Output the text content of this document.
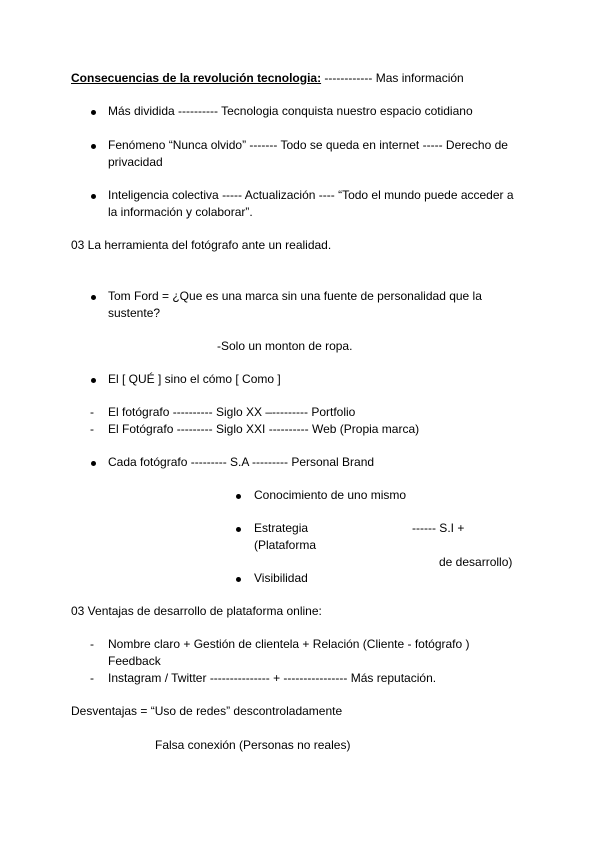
Consecuencias de la revolución tecnologia: ------------ Mas información
Más dividida ---------- Tecnologia conquista nuestro espacio cotidiano
Fenómeno “Nunca olvido” ------- Todo se queda en internet ----- Derecho de
privacidad
Inteligencia colectiva ----- Actualización ---- “Todo el mundo puede acceder a
la información y colaborar”.
03 La herramienta del fotógrafo ante un realidad.
Tom Ford = ¿Que es una marca sin una fuente de personalidad que la
sustente?
-Solo un monton de ropa.
El [ QUÉ ] sino el cómo [ Como ]
- El fotógrafo ---------- Siglo XX –--------- Portfolio
- El Fotógrafo --------- Siglo XXI ---------- Web (Propia marca)
Cada fotógrafo --------- S.A --------- Personal Brand
Conocimiento de uno mismo
Estrategia	------ S.I +
(Plataforma
de desarrollo)
Visibilidad
03 Ventajas de desarrollo de plataforma online:
- Nombre claro + Gestión de clientela + Relación (Cliente - fotógrafo )
Feedback
- Instagram / Twitter --------------- + ---------------- Más reputación.
Desventajas = “Uso de redes” descontroladamente
Falsa conexión (Personas no reales)
